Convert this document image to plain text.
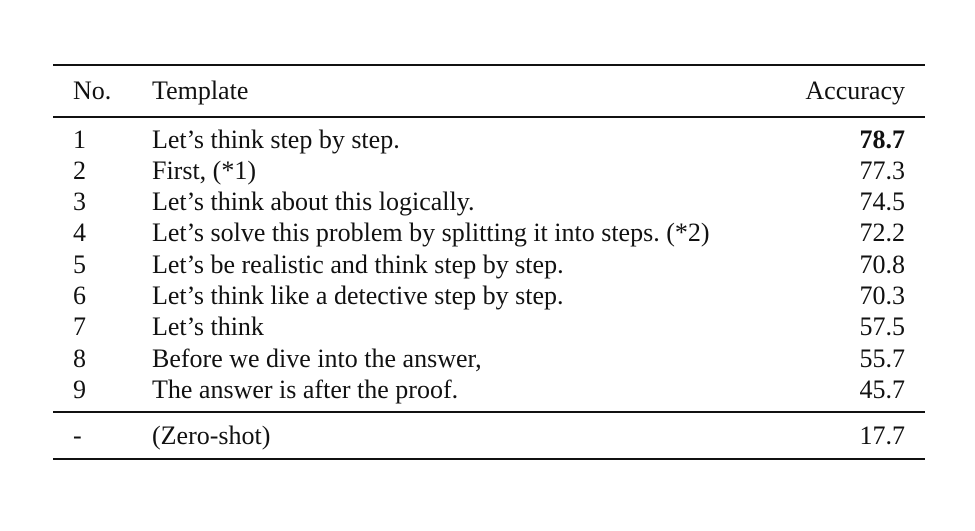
No. Template	Accuracy
1	Let’s think step by step.	78.7
2	First, (*1)	77.3
3	Let’s think about this logically.	74.5
4	Let’s solve this problem by splitting it into steps. (*2)	72.2
5	Let’s be realistic and think step by step.	70.8
6	Let’s think like a detective step by step.	70.3
7	Let’s think	57.5
8	Before we dive into the answer,	55.7
9	The answer is after the proof.	45.7
-	(Zero-shot)	17.7
